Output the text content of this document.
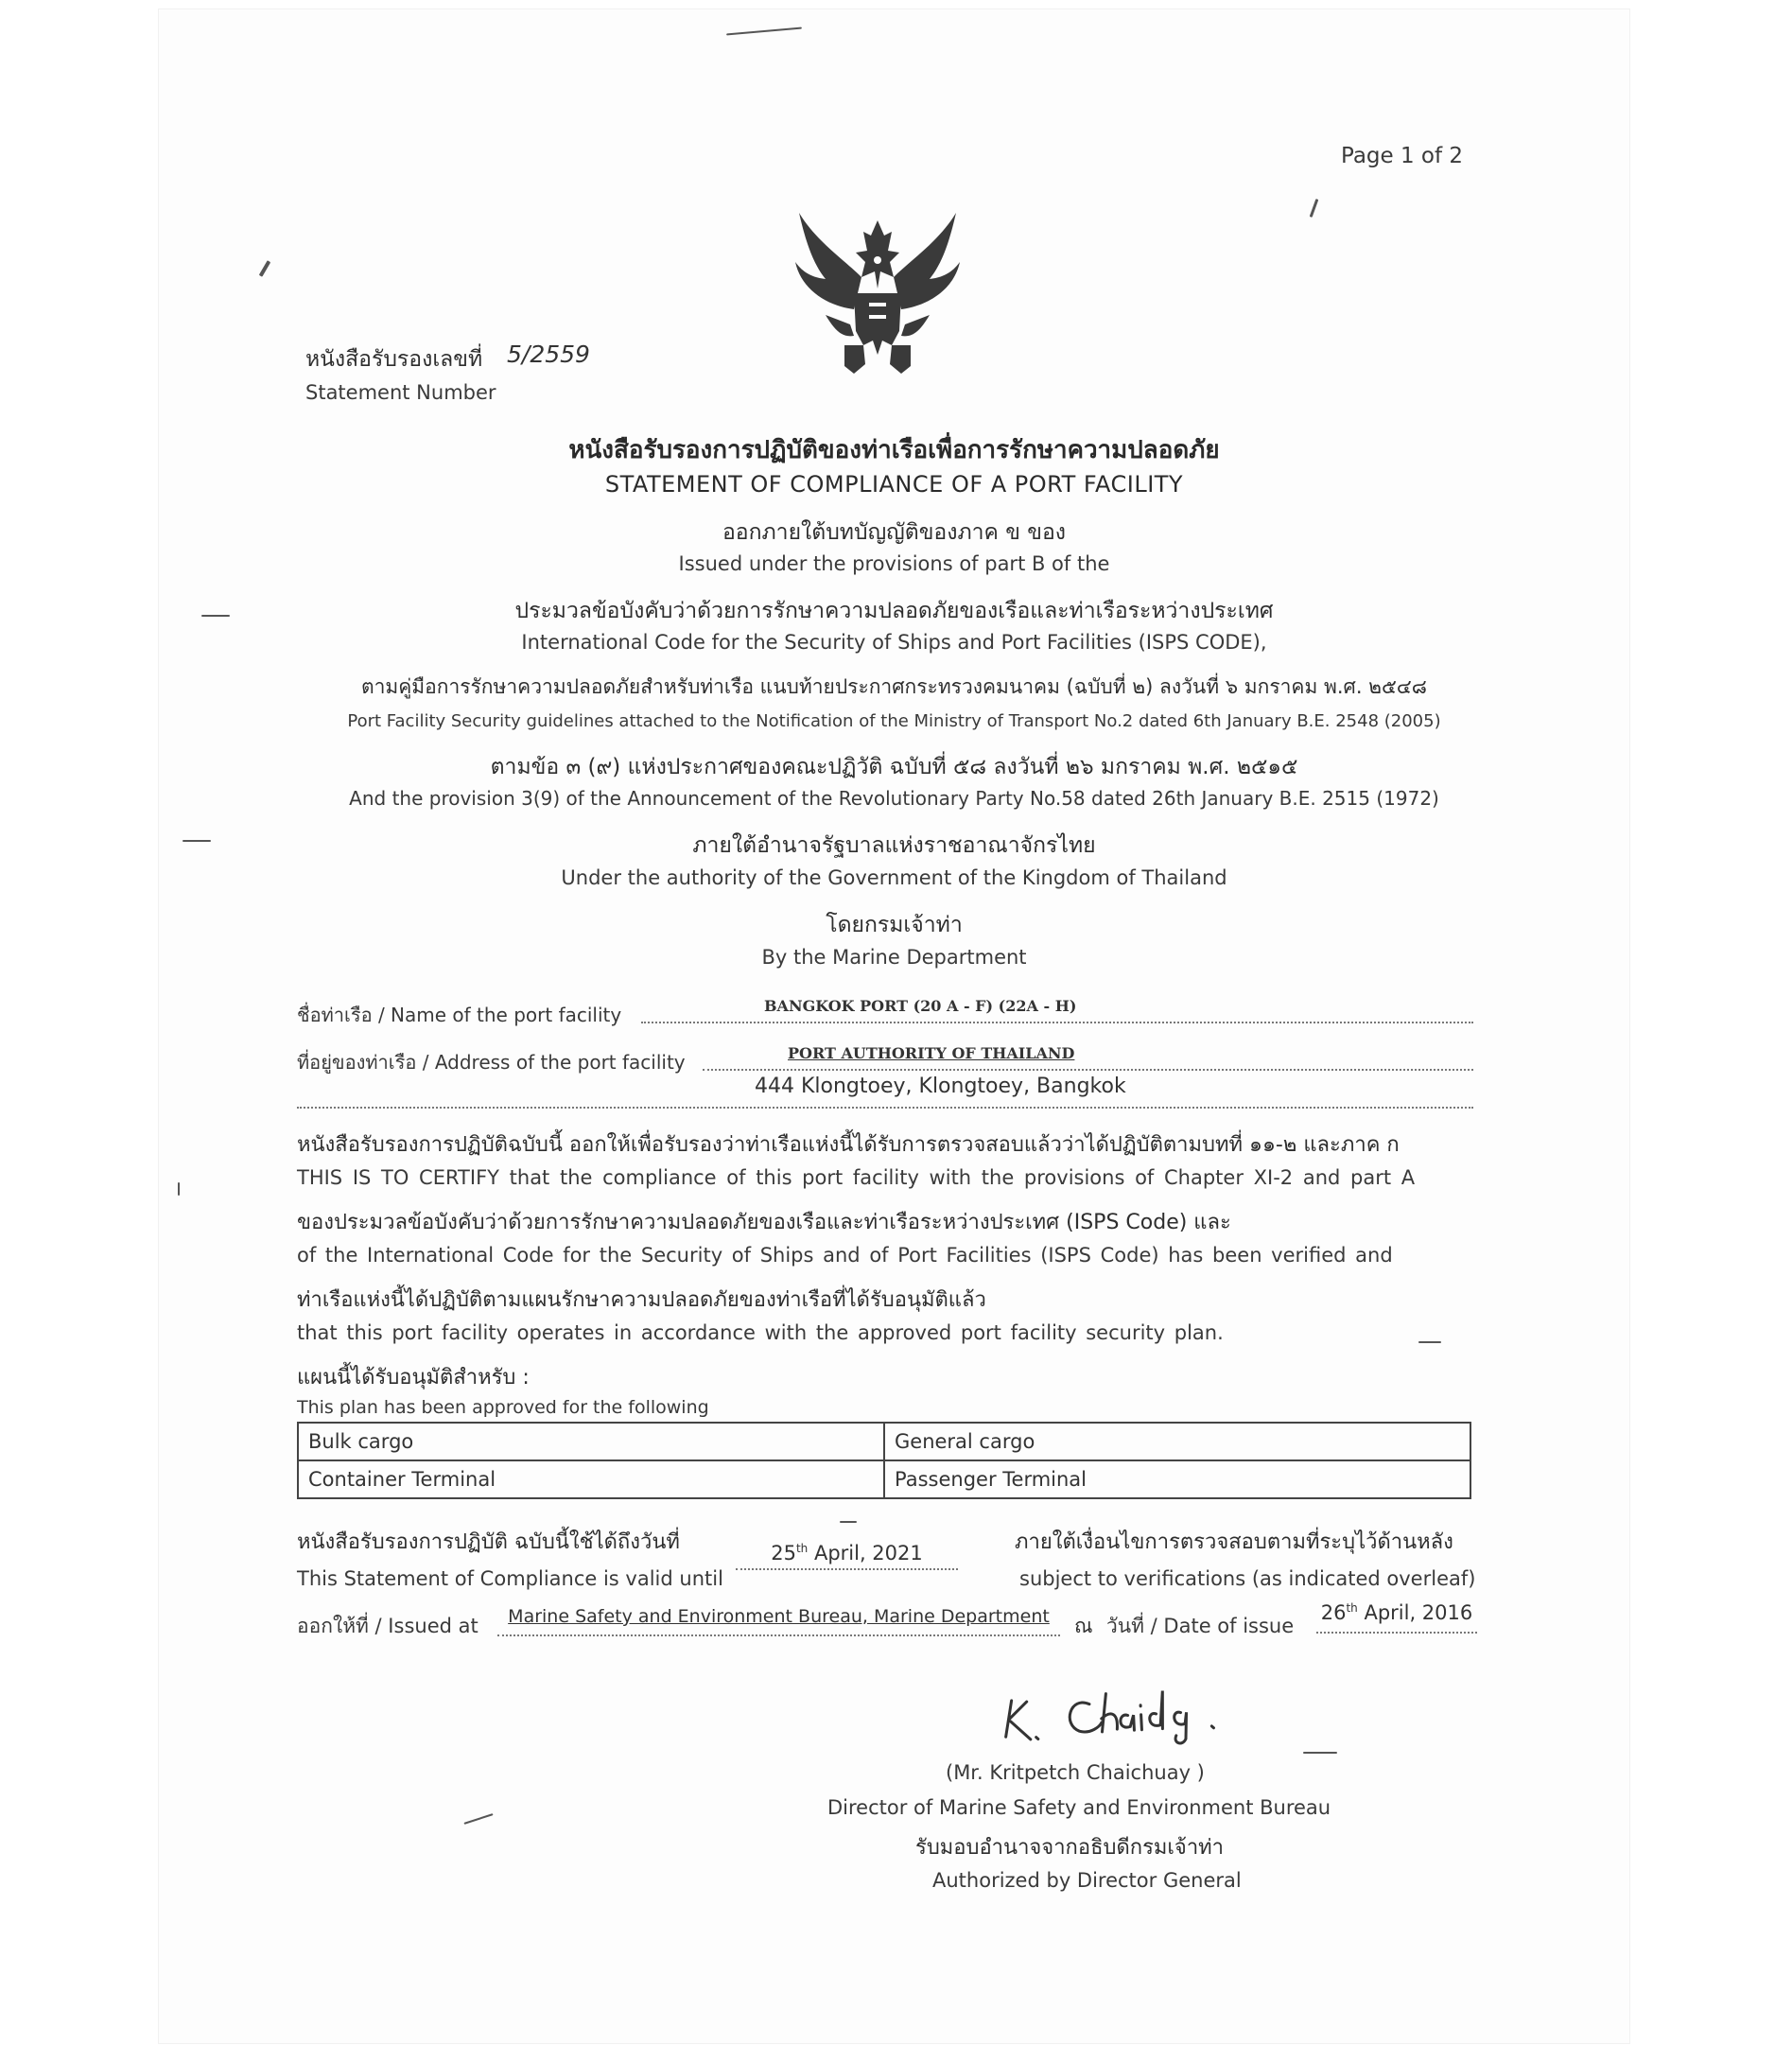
Page 1 of 2
หนังสือรับรองเลขที่ 5/2559
Statement Number
หนังสือรับรองการปฏิบัติของท่าเรือเพื่อการรักษาความปลอดภัย
STATEMENT OF COMPLIANCE OF A PORT FACILITY
ออกภายใต้บทบัญญัติของภาค ข ของ
Issued under the provisions of part B of the
ประมวลข้อบังคับว่าด้วยการรักษาความปลอดภัยของเรือและท่าเรือระหว่างประเทศ
International Code for the Security of Ships and Port Facilities (ISPS CODE),
ตามคู่มือการรักษาความปลอดภัยสำหรับท่าเรือ แนบท้ายประกาศกระทรวงคมนาคม (ฉบับที่ ๒) ลงวันที่ ๖ มกราคม พ.ศ. ๒๕๔๘
Port Facility Security guidelines attached to the Notification of the Ministry of Transport No.2 dated 6th January B.E. 2548 (2005)
ตามข้อ ๓ (๙) แห่งประกาศของคณะปฏิวัติ ฉบับที่ ๕๘ ลงวันที่ ๒๖ มกราคม พ.ศ. ๒๕๑๕
And the provision 3(9) of the Announcement of the Revolutionary Party No.58 dated 26th January B.E. 2515 (1972)
ภายใต้อำนาจรัฐบาลแห่งราชอาณาจักรไทย
Under the authority of the Government of the Kingdom of Thailand
โดยกรมเจ้าท่า
By the Marine Department
ชื่อท่าเรือ / Name of the port facility	BANGKOK PORT (20 A - F) (22A - H)
ที่อยู่ของท่าเรือ / Address of the port facility	PORT AUTHORITY OF THAILAND
444 Klongtoey, Klongtoey, Bangkok
หนังสือรับรองการปฏิบัติฉบับนี้ ออกให้เพื่อรับรองว่าท่าเรือแห่งนี้ได้รับการตรวจสอบแล้วว่าได้ปฏิบัติตามบทที่ ๑๑-๒ และภาค ก
THIS IS TO CERTIFY that the compliance of this port facility with the provisions of Chapter XI-2 and part A
ของประมวลข้อบังคับว่าด้วยการรักษาความปลอดภัยของเรือและท่าเรือระหว่างประเทศ (ISPS Code) และ
of the International Code for the Security of Ships and of Port Facilities (ISPS Code) has been verified and
ท่าเรือแห่งนี้ได้ปฏิบัติตามแผนรักษาความปลอดภัยของท่าเรือที่ได้รับอนุมัติแล้ว
that this port facility operates in accordance with the approved port facility security plan.
แผนนี้ได้รับอนุมัติสำหรับ :
This plan has been approved for the following
Bulk cargo	General cargo
Container Terminal	Passenger Terminal
หนังสือรับรองการปฏิบัติ ฉบับนี้ใช้ได้ถึงวันที่
This Statement of Compliance is valid until
25th April, 2021	ภายใต้เงื่อนไขการตรวจสอบตามที่ระบุไว้ด้านหลัง
subject to verifications (as indicated overleaf)
ออกให้ที่ / Issued at	Marine Safety and Environment Bureau, Marine Department	ณ วันที่ / Date of issue
26th April, 2016
(Mr. Kritpetch Chaichuay )
Director of Marine Safety and Environment Bureau
รับมอบอำนาจจากอธิบดีกรมเจ้าท่า
Authorized by Director General
